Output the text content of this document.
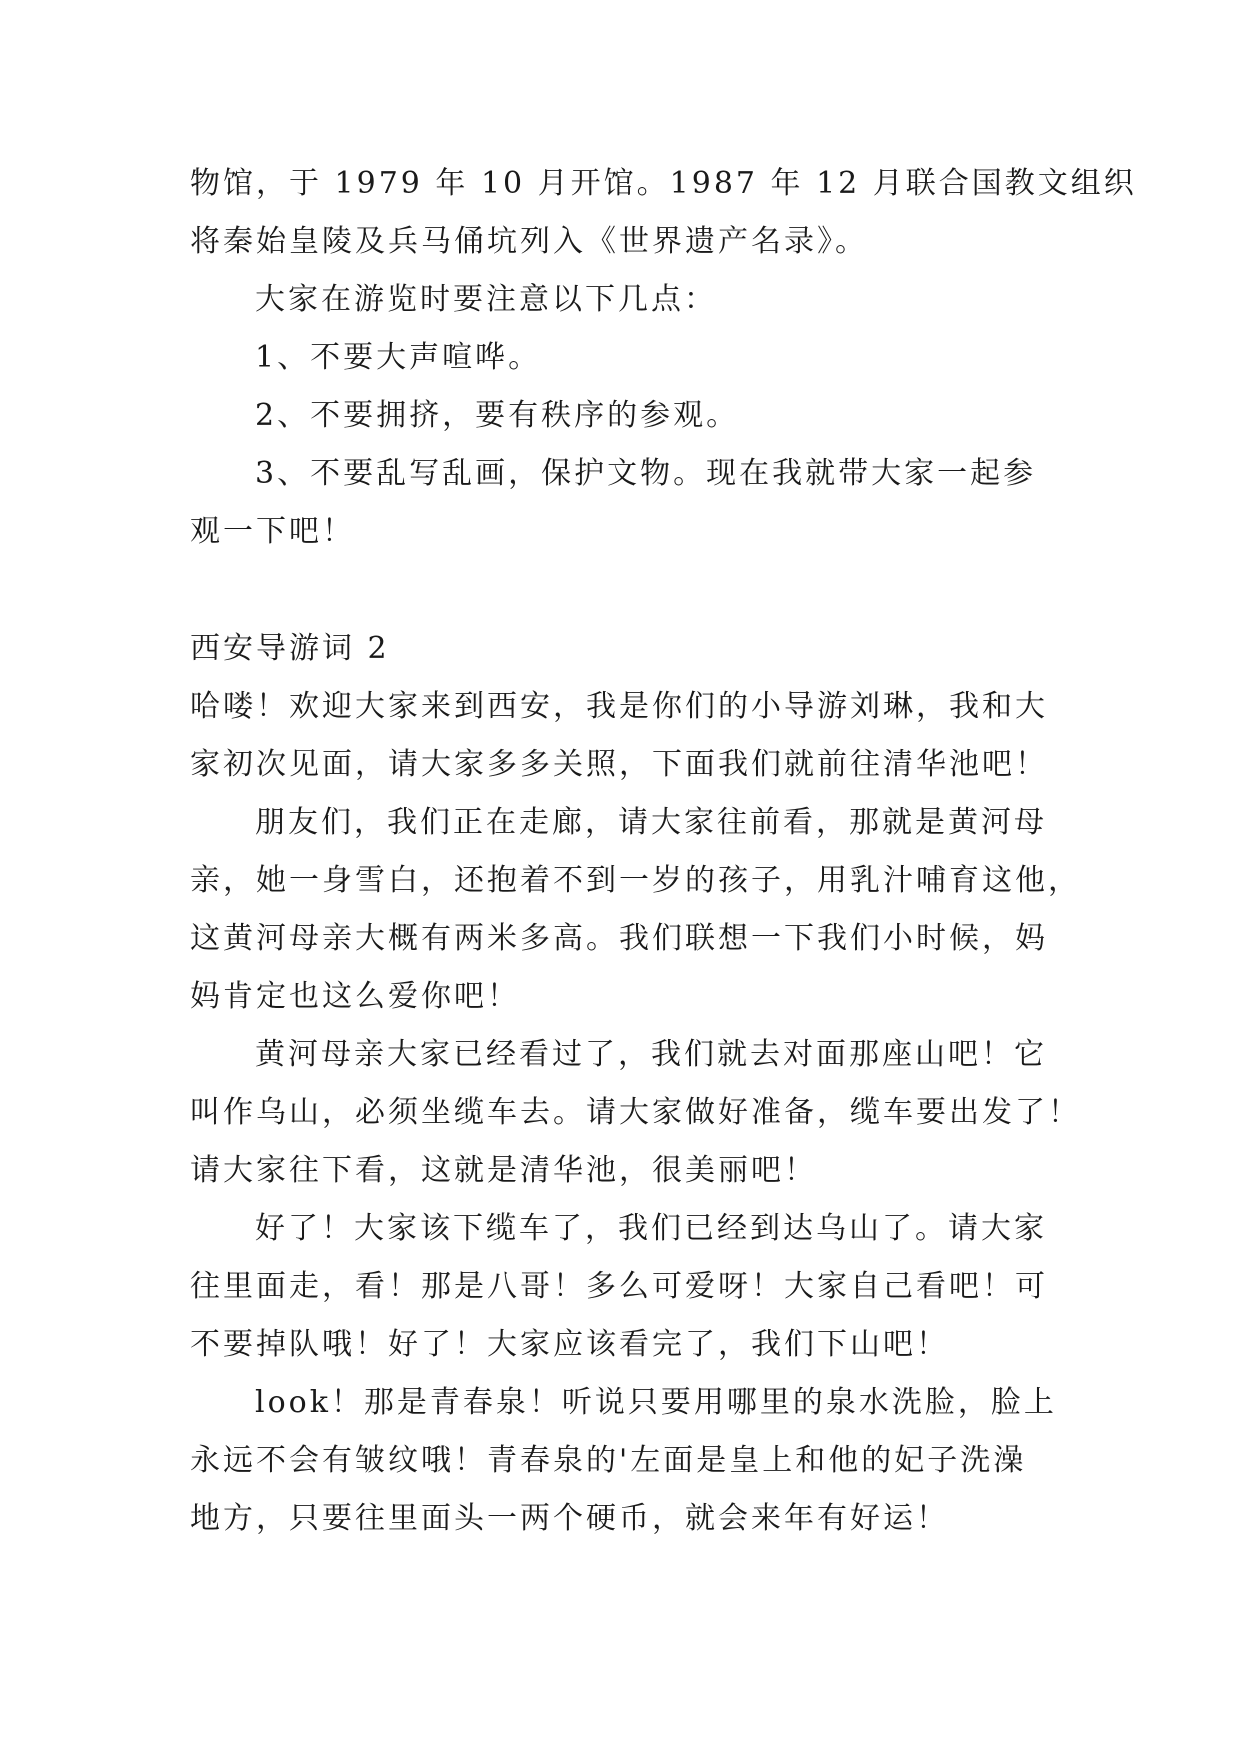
物馆，于 1979 年 10 月开馆。1987 年 12 月联合国教文组织
将秦始皇陵及兵马俑坑列入《世界遗产名录》。
大家在游览时要注意以下几点：
1、不要大声喧哗。
2、不要拥挤，要有秩序的参观。
3、不要乱写乱画，保护文物。现在我就带大家一起参
观一下吧！
西安导游词 2
哈喽！欢迎大家来到西安，我是你们的小导游刘琳，我和大
家初次见面，请大家多多关照，下面我们就前往清华池吧！
朋友们，我们正在走廊，请大家往前看，那就是黄河母
亲，她一身雪白，还抱着不到一岁的孩子，用乳汁哺育这他，
这黄河母亲大概有两米多高。我们联想一下我们小时候，妈
妈肯定也这么爱你吧！
黄河母亲大家已经看过了，我们就去对面那座山吧！它
叫作乌山，必须坐缆车去。请大家做好准备，缆车要出发了！
请大家往下看，这就是清华池，很美丽吧！
好了！大家该下缆车了，我们已经到达乌山了。请大家
往里面走，看！那是八哥！多么可爱呀！大家自己看吧！可
不要掉队哦！好了！大家应该看完了，我们下山吧！
look！那是青春泉！听说只要用哪里的泉水洗脸，脸上
永远不会有皱纹哦！青春泉的'左面是皇上和他的妃子洗澡
地方，只要往里面头一两个硬币，就会来年有好运！
